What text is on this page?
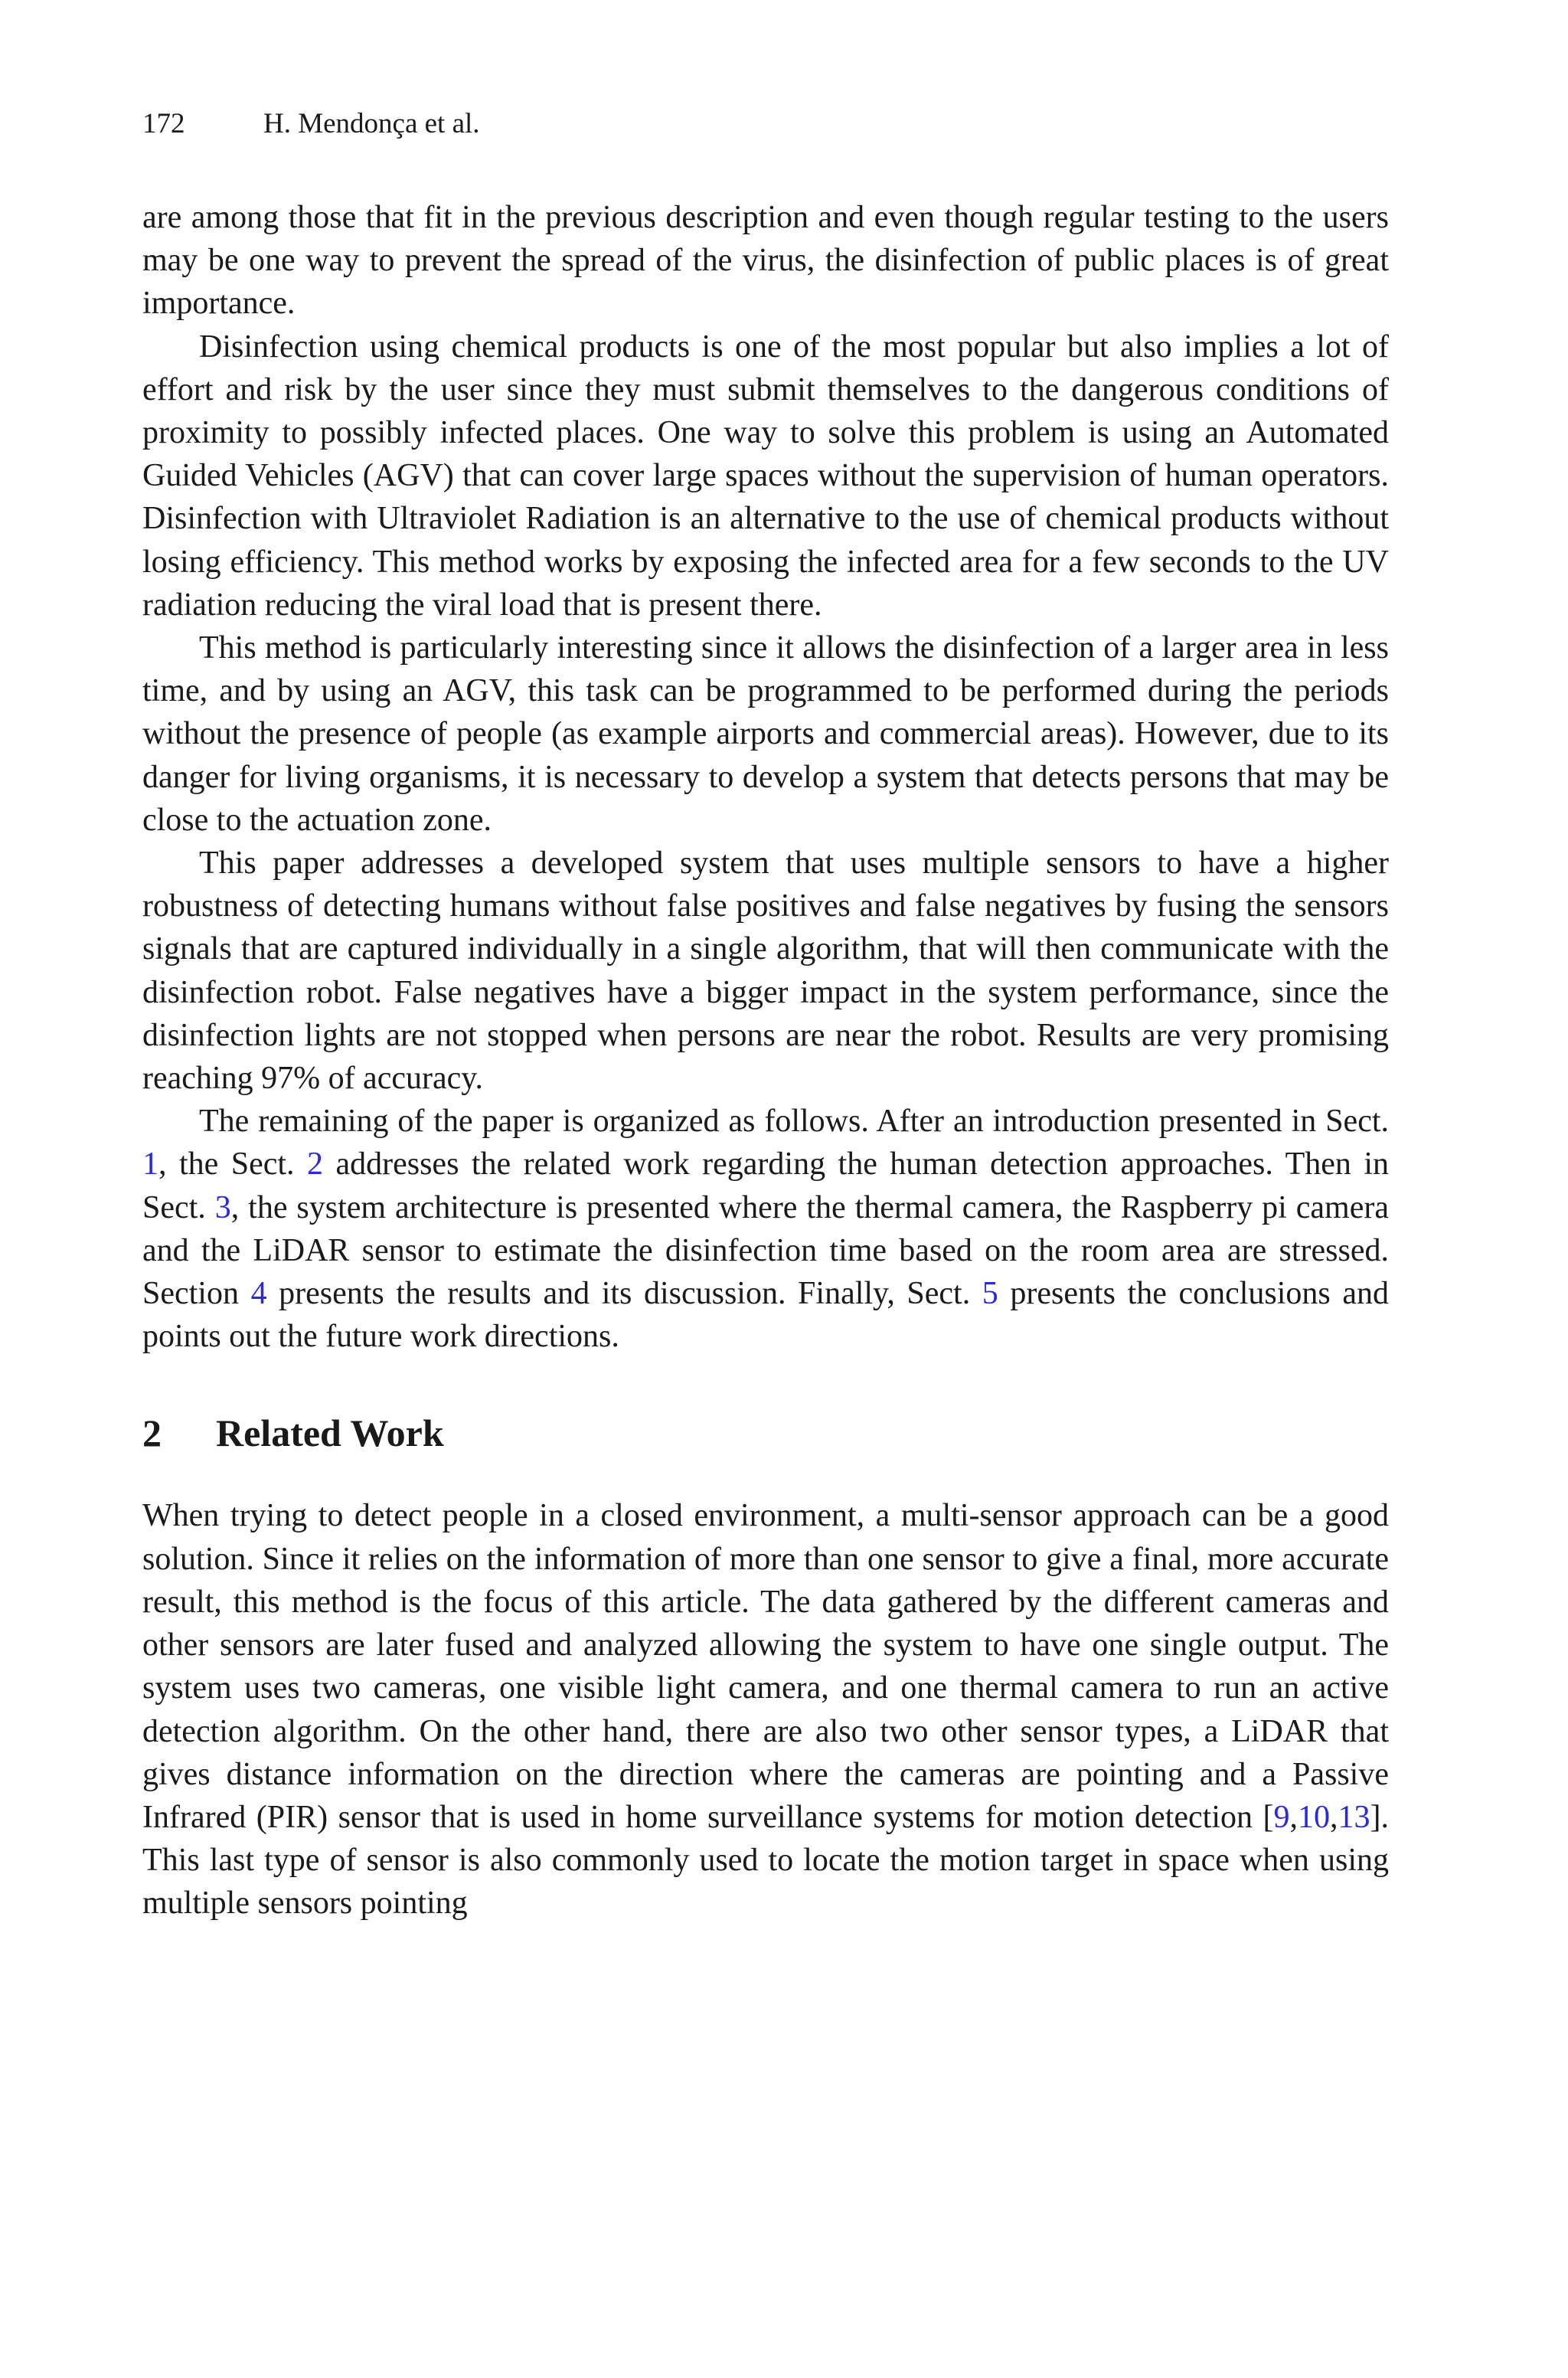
172	H. Mendonça et al.

are among those that fit in the previous description and even though regular testing to the users may be one way to prevent the spread of the virus, the disinfection of public places is of great importance.

Disinfection using chemical products is one of the most popular but also implies a lot of effort and risk by the user since they must submit themselves to the dangerous conditions of proximity to possibly infected places. One way to solve this problem is using an Automated Guided Vehicles (AGV) that can cover large spaces without the supervision of human operators. Disinfection with Ultraviolet Radiation is an alternative to the use of chemical products without losing efficiency. This method works by exposing the infected area for a few seconds to the UV radiation reducing the viral load that is present there.

This method is particularly interesting since it allows the disinfection of a larger area in less time, and by using an AGV, this task can be programmed to be performed during the periods without the presence of people (as example airports and commercial areas). However, due to its danger for living organisms, it is necessary to develop a system that detects persons that may be close to the actuation zone.

This paper addresses a developed system that uses multiple sensors to have a higher robustness of detecting humans without false positives and false negatives by fusing the sensors signals that are captured individually in a single algorithm, that will then communicate with the disinfection robot. False negatives have a bigger impact in the system performance, since the disinfection lights are not stopped when persons are near the robot. Results are very promising reaching 97% of accuracy.

The remaining of the paper is organized as follows. After an introduction presented in Sect. 1, the Sect. 2 addresses the related work regarding the human detection approaches. Then in Sect. 3, the system architecture is presented where the thermal camera, the Raspberry pi camera and the LiDAR sensor to estimate the disinfection time based on the room area are stressed. Section 4 presents the results and its discussion. Finally, Sect. 5 presents the conclusions and points out the future work directions.

2 Related Work

When trying to detect people in a closed environment, a multi-sensor approach can be a good solution. Since it relies on the information of more than one sensor to give a final, more accurate result, this method is the focus of this article. The data gathered by the different cameras and other sensors are later fused and analyzed allowing the system to have one single output. The system uses two cameras, one visible light camera, and one thermal camera to run an active detection algorithm. On the other hand, there are also two other sensor types, a LiDAR that gives distance information on the direction where the cameras are pointing and a Passive Infrared (PIR) sensor that is used in home surveillance systems for motion detection [9,10,13]. This last type of sensor is also commonly used to locate the motion target in space when using multiple sensors pointing
